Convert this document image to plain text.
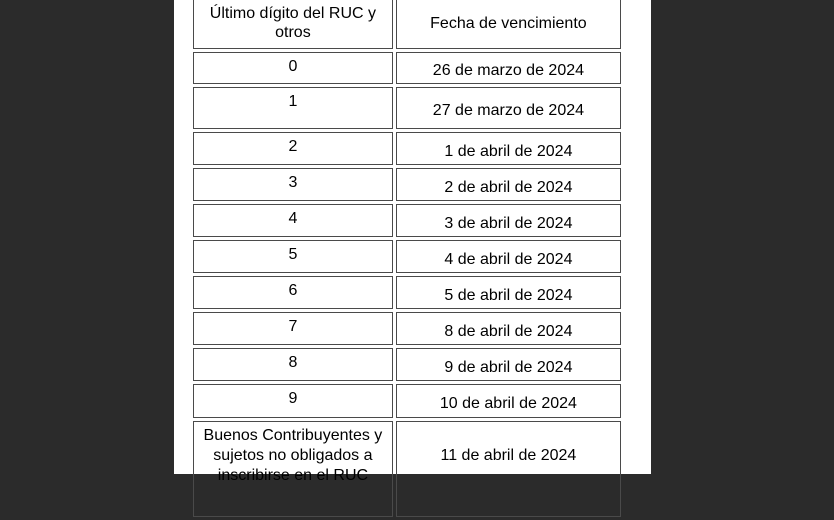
Último dígito del RUC y otros	Fecha de vencimiento
0	26 de marzo de 2024
1	27 de marzo de 2024
2	1 de abril de 2024
3	2 de abril de 2024
4	3 de abril de 2024
5	4 de abril de 2024
6	5 de abril de 2024
7	8 de abril de 2024
8	9 de abril de 2024
9	10 de abril de 2024
Buenos Contribuyentes y sujetos no obligados a inscribirse en el RUC	11 de abril de 2024
